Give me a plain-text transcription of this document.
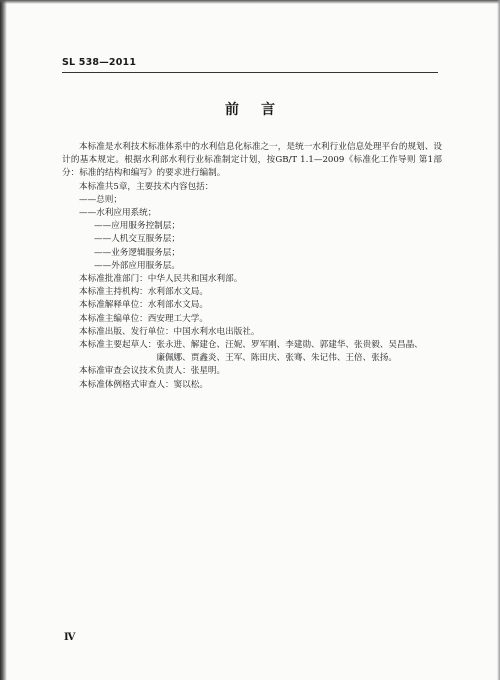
SL 538—2011
前言

本标准是水利技术标准体系中的水利信息化标准之一，是统一水利行业信息处理平台的规划、设计的基本规定。根据水利部水利行业标准制定计划，按GB/T 1.1—2009《标准化工作导则 第1部分：标准的结构和编写》的要求进行编制。

本标准共5章，主要技术内容包括：

——总则；

——水利应用系统；

——应用服务控制层；

——人机交互服务层；

——业务逻辑服务层；

——外部应用服务层。

本标准批准部门：中华人民共和国水利部。

本标准主持机构：水利部水文局。

本标准解释单位：水利部水文局。

本标准主编单位：西安理工大学。

本标准出版、发行单位：中国水利水电出版社。

本标准主要起草人：张永进、解建仓、汪妮、罗军刚、李建勋、郭建华、张贵毅、吴昌晶、

　　　　　　　　　廉佩娜、贾鑫炎、王军、陈田庆、张骞、朱记伟、王倍、张扬。

本标准审查会议技术负责人：张星明。

本标准体例格式审查人：窦以松。

Ⅳ
